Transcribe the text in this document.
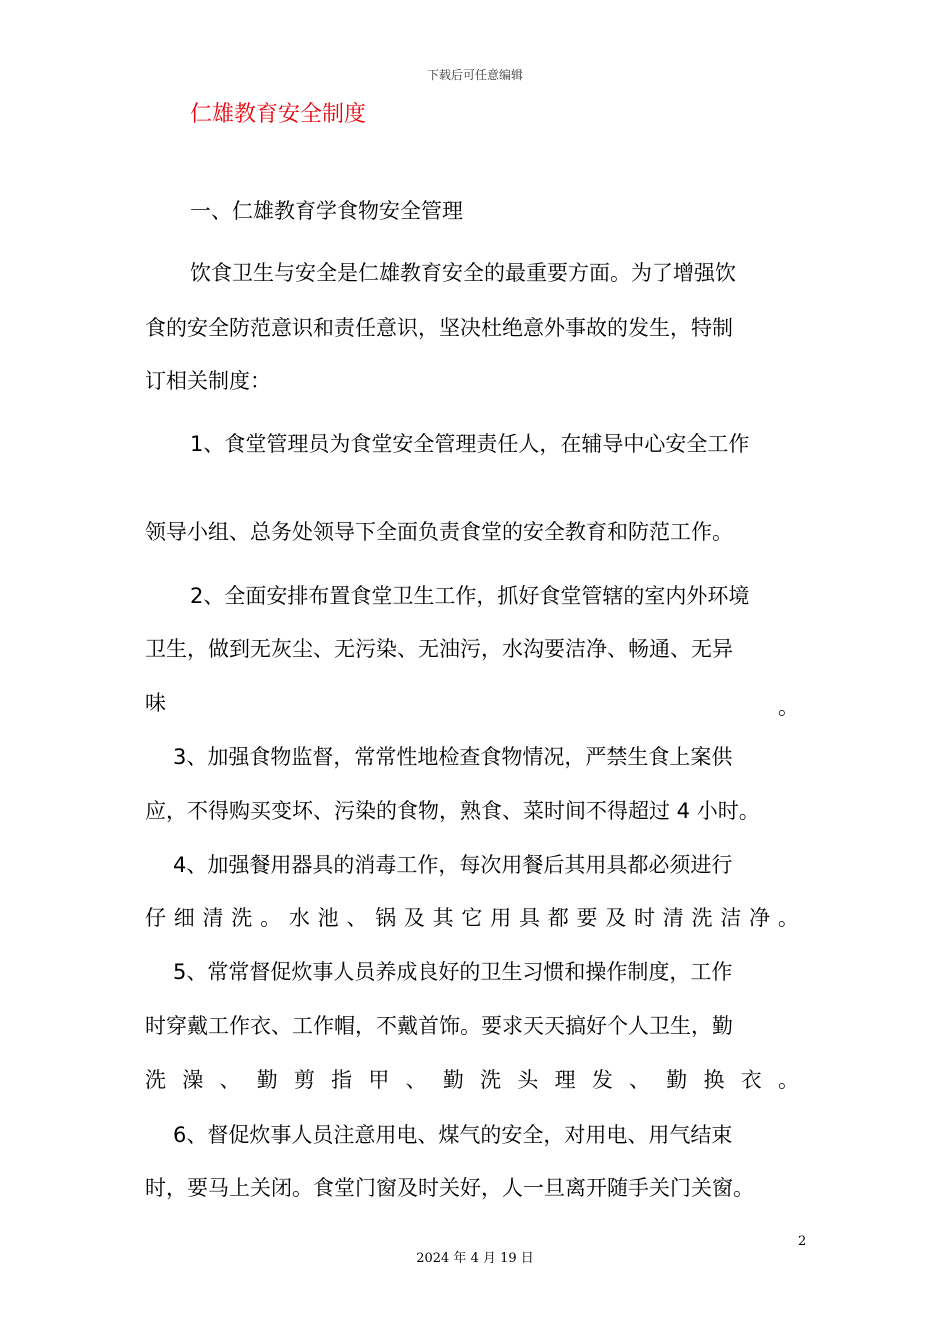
下载后可任意编辑
仁雄教育安全制度
一、仁雄教育学食物安全管理
饮食卫生与安全是仁雄教育安全的最重要方面。为了增强饮
食的安全防范意识和责任意识，坚决杜绝意外事故的发生，特制
订相关制度：
1、食堂管理员为食堂安全管理责任人，在辅导中心安全工作
领导小组、总务处领导下全面负责食堂的安全教育和防范工作。
2、全面安排布置食堂卫生工作，抓好食堂管辖的室内外环境
卫生，做到无灰尘、无污染、无油污，水沟要洁净、畅通、无异
味	。
3、加强食物监督，常常性地检查食物情况，严禁生食上案供
应，不得购买变坏、污染的食物，熟食、菜时间不得超过 4 小时。
4、加强餐用器具的消毒工作，每次用餐后其用具都必须进行
仔 细 清 洗 。 水 池 、 锅 及 其 它 用 具 都 要 及 时 清 洗 洁 净 。
5、常常督促炊事人员养成良好的卫生习惯和操作制度，工作
时穿戴工作衣、工作帽，不戴首饰。要求天天搞好个人卫生，勤
洗 澡 、 勤 剪 指 甲 、 勤 洗 头 理 发 、 勤 换 衣 。
6、督促炊事人员注意用电、煤气的安全，对用电、用气结束
时，要马上关闭。食堂门窗及时关好，人一旦离开随手关门关窗。
2
2024 年 4 月 19 日
